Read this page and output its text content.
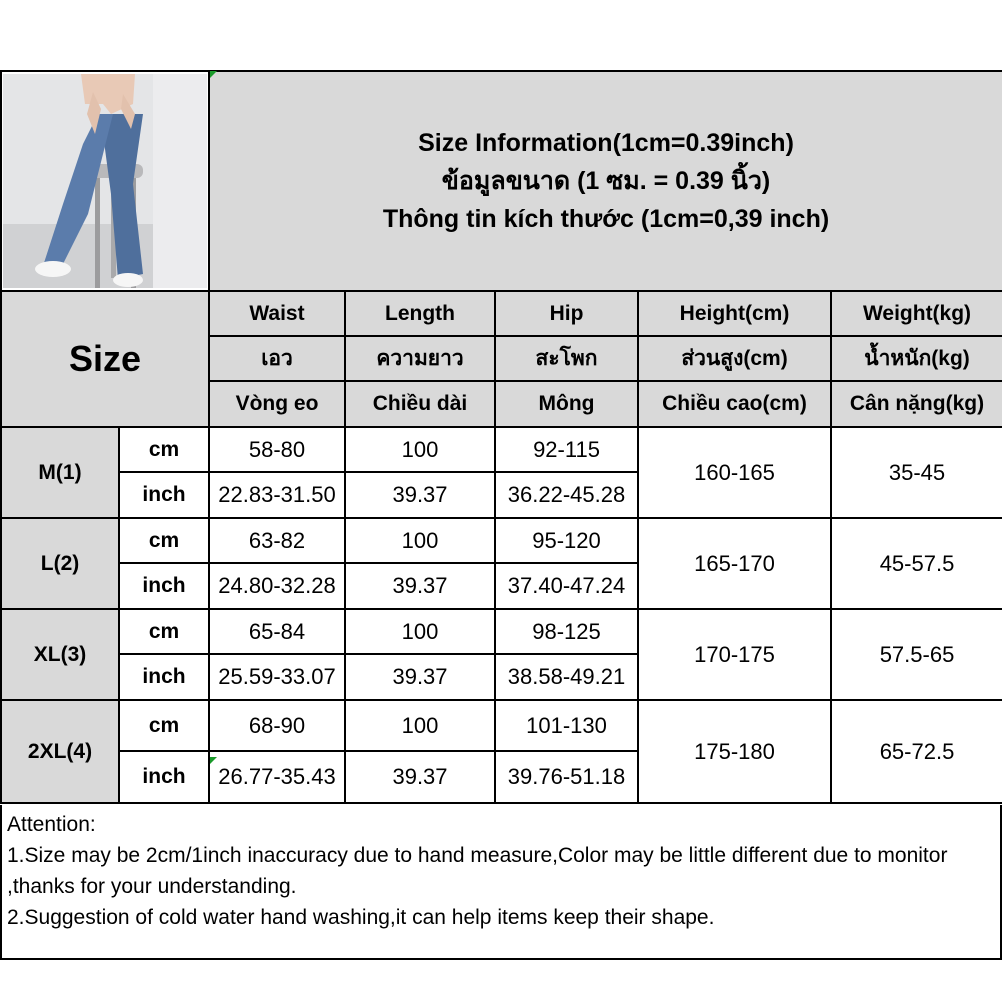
Size Information(1cm=0.39inch)
ข้อมูลขนาด (1 ซม. = 0.39 นิ้ว)
Thông tin kích thước (1cm=0,39 inch)				

Size		Waist	Length	Hip	Height(cm)	Weight(kg)
		เอว	ความยาว	สะโพก	ส่วนสูง(cm)	น้ำหนัก(kg)
		Vòng eo	Chiều dài	Mông	Chiều cao(cm)	Cân nặng(kg)
M(1)	cm	58-80	100	92-115	160-165	35-45
	inch	22.83-31.50	39.37	36.22-45.28		
L(2)	cm	63-82	100	95-120	165-170	45-57.5
	inch	24.80-32.28	39.37	37.40-47.24		
XL(3)	cm	65-84	100	98-125	170-175	57.5-65
	inch	25.59-33.07	39.37	38.58-49.21		
2XL(4)	cm	68-90	100	101-130	175-180	65-72.5
	inch	26.77-35.43	39.37	39.76-51.18		
Attention:
1.Size may be 2cm/1inch inaccuracy due to hand measure,Color may be little different due to monitor ,thanks for your understanding.
2.Suggestion of cold water hand washing,it can help items keep their shape.
